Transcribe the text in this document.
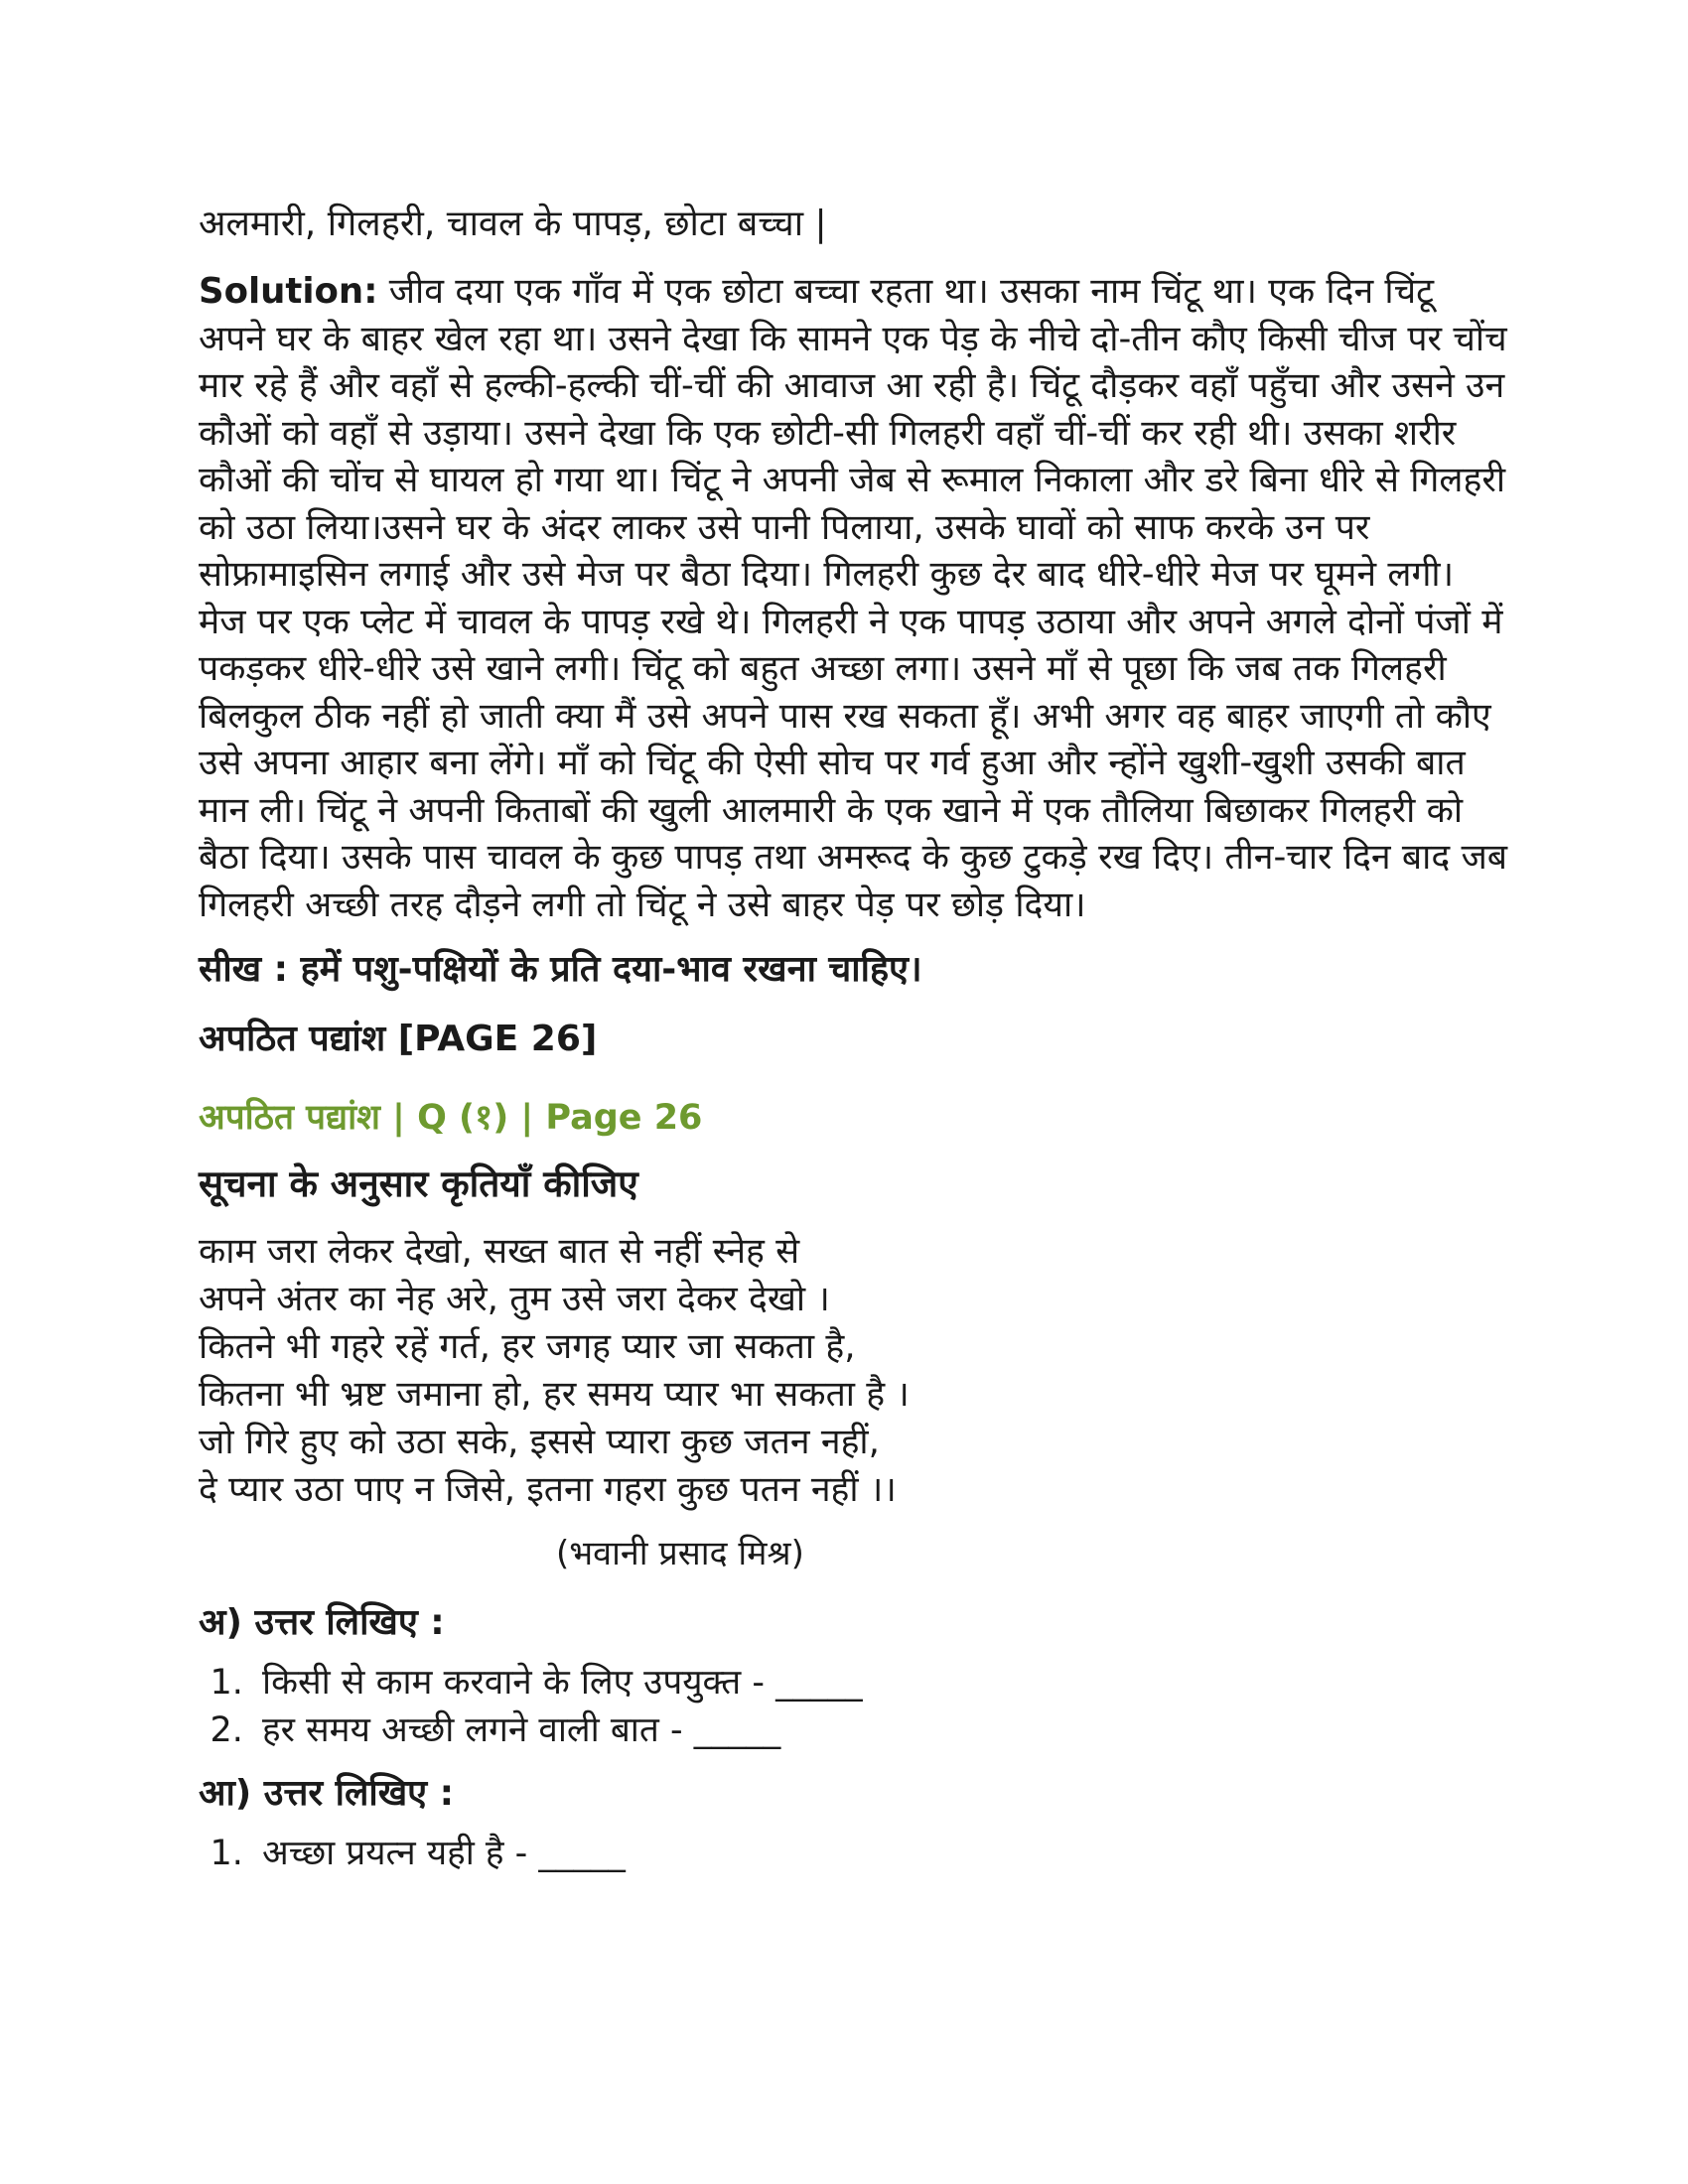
अलमारी, गिलहरी, चावल के पापड़, छोटा बच्चा |

Solution: जीव दया एक गाँव में एक छोटा बच्चा रहता था। उसका नाम चिंटू था। एक दिन चिंटू अपने घर के बाहर खेल रहा था। उसने देखा कि सामने एक पेड़ के नीचे दो-तीन कौए किसी चीज पर चोंच मार रहे हैं और वहाँ से हल्की-हल्की चीं-चीं की आवाज आ रही है। चिंटू दौड़कर वहाँ पहुँचा और उसने उन कौओं को वहाँ से उड़ाया। उसने देखा कि एक छोटी-सी गिलहरी वहाँ चीं-चीं कर रही थी। उसका शरीर कौओं की चोंच से घायल हो गया था। चिंटू ने अपनी जेब से रूमाल निकाला और डरे बिना धीरे से गिलहरी को उठा लिया।उसने घर के अंदर लाकर उसे पानी पिलाया, उसके घावों को साफ करके उन पर सोफ्रामाइसिन लगाई और उसे मेज पर बैठा दिया। गिलहरी कुछ देर बाद धीरे-धीरे मेज पर घूमने लगी। मेज पर एक प्लेट में चावल के पापड़ रखे थे। गिलहरी ने एक पापड़ उठाया और अपने अगले दोनों पंजों में पकड़कर धीरे-धीरे उसे खाने लगी। चिंटू को बहुत अच्छा लगा। उसने माँ से पूछा कि जब तक गिलहरी बिलकुल ठीक नहीं हो जाती क्या मैं उसे अपने पास रख सकता हूँ। अभी अगर वह बाहर जाएगी तो कौए उसे अपना आहार बना लेंगे। माँ को चिंटू की ऐसी सोच पर गर्व हुआ और न्होंने खुशी-खुशी उसकी बात मान ली। चिंटू ने अपनी किताबों की खुली आलमारी के एक खाने में एक तौलिया बिछाकर गिलहरी को बैठा दिया। उसके पास चावल के कुछ पापड़ तथा अमरूद के कुछ टुकड़े रख दिए। तीन-चार दिन बाद जब गिलहरी अच्छी तरह दौड़ने लगी तो चिंटू ने उसे बाहर पेड़ पर छोड़ दिया।

सीख : हमें पशु-पक्षियों के प्रति दया-भाव रखना चाहिए।

अपठित पद्यांश [PAGE 26]
अपठित पद्यांश | Q (१) | Page 26
सूचना के अनुसार कृतियाँ कीजिए
काम जरा लेकर देखो, सख्त बात से नहीं स्नेह से
अपने अंतर का नेह अरे, तुम उसे जरा देकर देखो ।
कितने भी गहरे रहें गर्त, हर जगह प्यार जा सकता है,
कितना भी भ्रष्ट जमाना हो, हर समय प्यार भा सकता है ।
जो गिरे हुए को उठा सके, इससे प्यारा कुछ जतन नहीं,
दे प्यार उठा पाए न जिसे, इतना गहरा कुछ पतन नहीं ।।
(भवानी प्रसाद मिश्र)
अ) उत्तर लिखिए :
1. किसी से काम करवाने के लिए उपयुक्त - _____
2. हर समय अच्छी लगने वाली बात - _____
आ) उत्तर लिखिए :
1. अच्छा प्रयत्न यही है - _____
